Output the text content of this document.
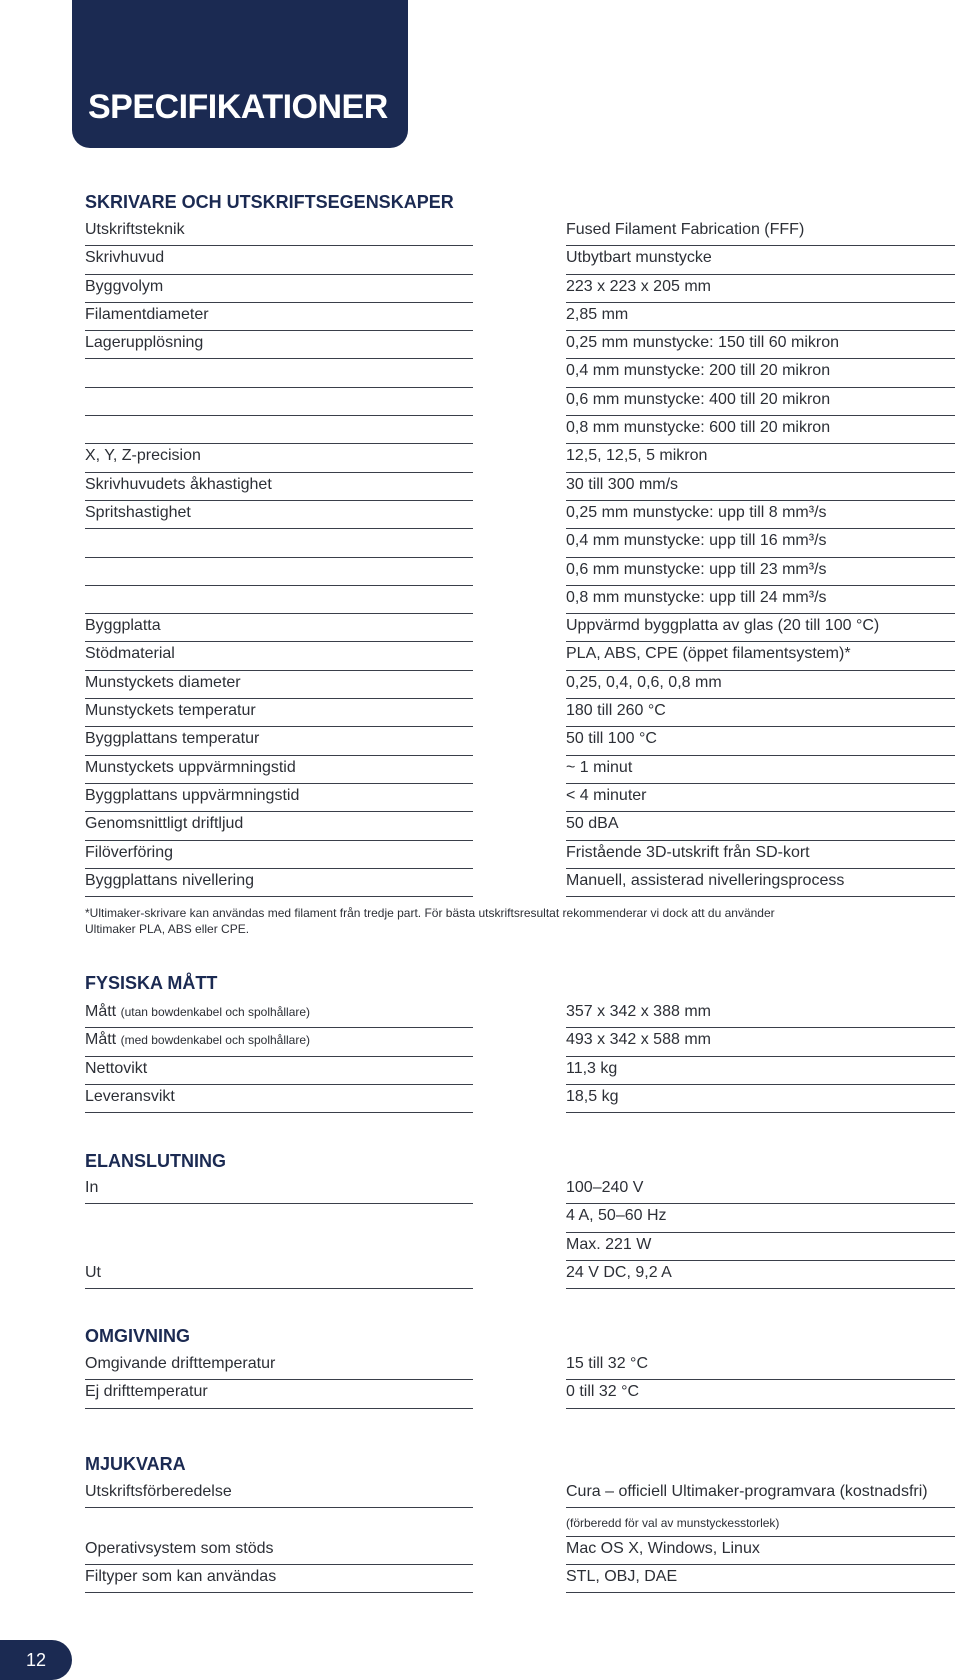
SPECIFIKATIONER
SKRIVARE OCH UTSKRIFTSEGENSKAPER
Utskriftsteknik	Fused Filament Fabrication (FFF)
Skrivhuvud	Utbytbart munstycke
Byggvolym	223 x 223 x 205 mm
Filamentdiameter	2,85 mm
Lagerupplösning	0,25 mm munstycke: 150 till 60 mikron
0,4 mm munstycke: 200 till 20 mikron
0,6 mm munstycke: 400 till 20 mikron
0,8 mm munstycke: 600 till 20 mikron
X, Y, Z-precision	12,5, 12,5, 5 mikron
Skrivhuvudets åkhastighet	30 till 300 mm/s
Spritshastighet	0,25 mm munstycke: upp till 8 mm³/s
0,4 mm munstycke: upp till 16 mm³/s
0,6 mm munstycke: upp till 23 mm³/s
0,8 mm munstycke: upp till 24 mm³/s
Byggplatta	Uppvärmd byggplatta av glas (20 till 100 °C)
Stödmaterial	PLA, ABS, CPE (öppet filamentsystem)*
Munstyckets diameter	0,25, 0,4, 0,6, 0,8 mm
Munstyckets temperatur	180 till 260 °C
Byggplattans temperatur	50 till 100 °C
Munstyckets uppvärmningstid	~ 1 minut
Byggplattans uppvärmningstid	< 4 minuter
Genomsnittligt driftljud	50 dBA
Filöverföring	Fristående 3D-utskrift från SD-kort
Byggplattans nivellering	Manuell, assisterad nivelleringsprocess
*Ultimaker-skrivare kan användas med filament från tredje part. För bästa utskriftsresultat rekommenderar vi dock att du använder Ultimaker PLA, ABS eller CPE.
FYSISKA MÅTT
Mått (utan bowdenkabel och spolhållare)	357 x 342 x 388 mm
Mått (med bowdenkabel och spolhållare)	493 x 342 x 588 mm
Nettovikt	11,3 kg
Leveransvikt	18,5 kg
ELANSLUTNING
In	100–240 V
4 A, 50–60 Hz
Max. 221 W
Ut	24 V DC, 9,2 A
OMGIVNING
Omgivande drifttemperatur	15 till 32 °C
Ej drifttemperatur	0 till 32 °C
MJUKVARA
Utskriftsförberedelse	Cura – officiell Ultimaker-programvara (kostnadsfri)
(förberedd för val av munstyckesstorlek)
Operativsystem som stöds	Mac OS X, Windows, Linux
Filtyper som kan användas	STL, OBJ, DAE
12
